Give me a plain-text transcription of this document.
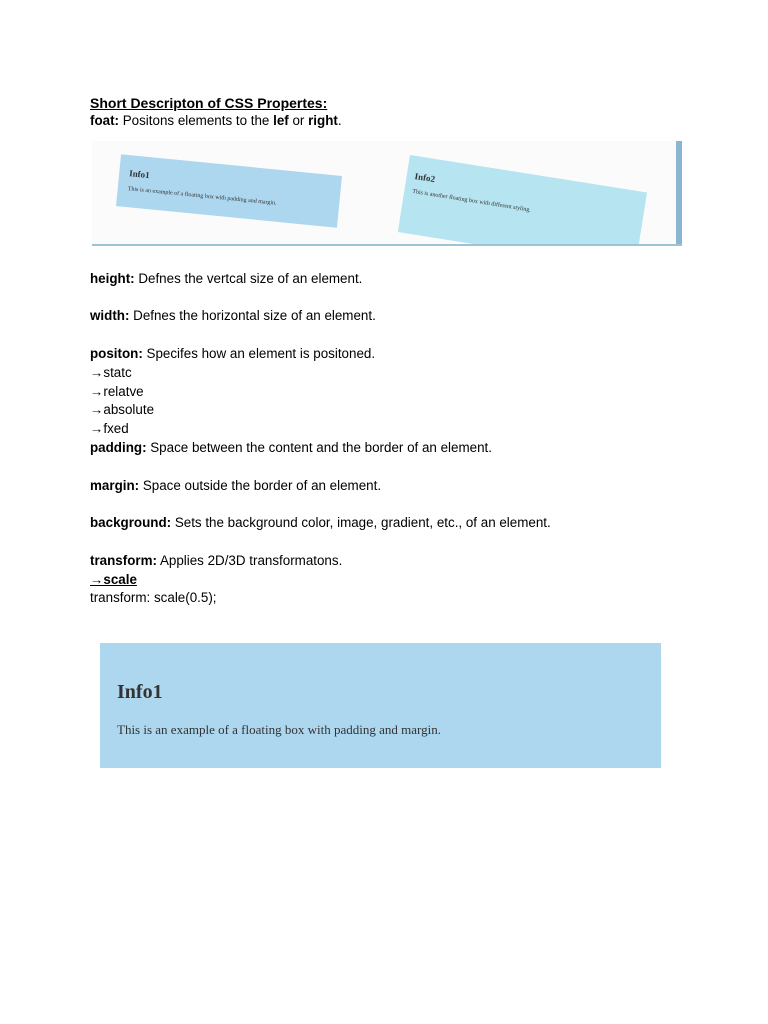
Short Descripton of CSS Propertes:
foat: Positons elements to the lef or right.
Info1
This is an example of a floating box with padding and margin.
Info2
This is another floating box with different styling.
height: Defnes the vertcal size of an element.
width: Defnes the horizontal size of an element.
positon: Specifes how an element is positoned.
→statc
→relatve
→absolute
→fxed
padding: Space between the content and the border of an element.
margin: Space outside the border of an element.
background: Sets the background color, image, gradient, etc., of an element.
transform: Applies 2D/3D transformatons.
→scale
transform: scale(0.5);
Info1
This is an example of a floating box with padding and margin.
